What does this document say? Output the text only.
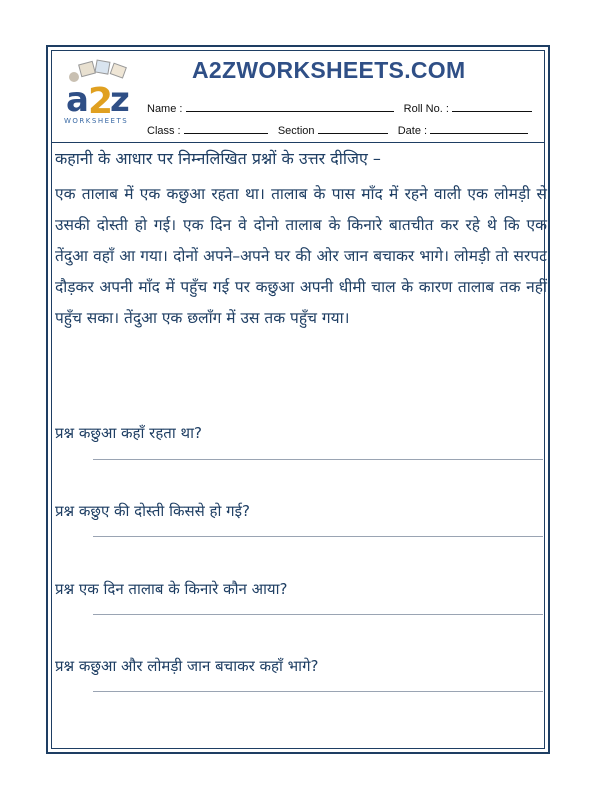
a 2
z
WORKSHEETS
A2ZWORKSHEETS.COM
Name :	Roll No. :
Class :	Section	Date :
कहानी के आधार पर निम्नलिखित प्रश्नों के उत्तर दीजिए –
एक तालाब में एक कछुआ रहता था। तालाब के पास माँद में रहने वाली एक लोमड़ी से उसकी दोस्ती हो गई। एक दिन वे दोनो तालाब के किनारे बातचीत कर रहे थे कि एक तेंदुआ वहाँ आ गया। दोनों अपने–अपने घर की ओर जान बचाकर भागे। लोमड़ी तो सरपट दौड़कर अपनी माँद में पहुँच गई पर कछुआ अपनी धीमी चाल के कारण तालाब तक नहीं पहुँच सका। तेंदुआ एक छलाँग में उस तक पहुँच गया।
प्रश्न कछुआ कहाँ रहता था?
प्रश्न कछुए की दोस्ती किससे हो गई?
प्रश्न एक दिन तालाब के किनारे कौन आया?
प्रश्न कछुआ और लोमड़ी जान बचाकर कहाँ भागे?
